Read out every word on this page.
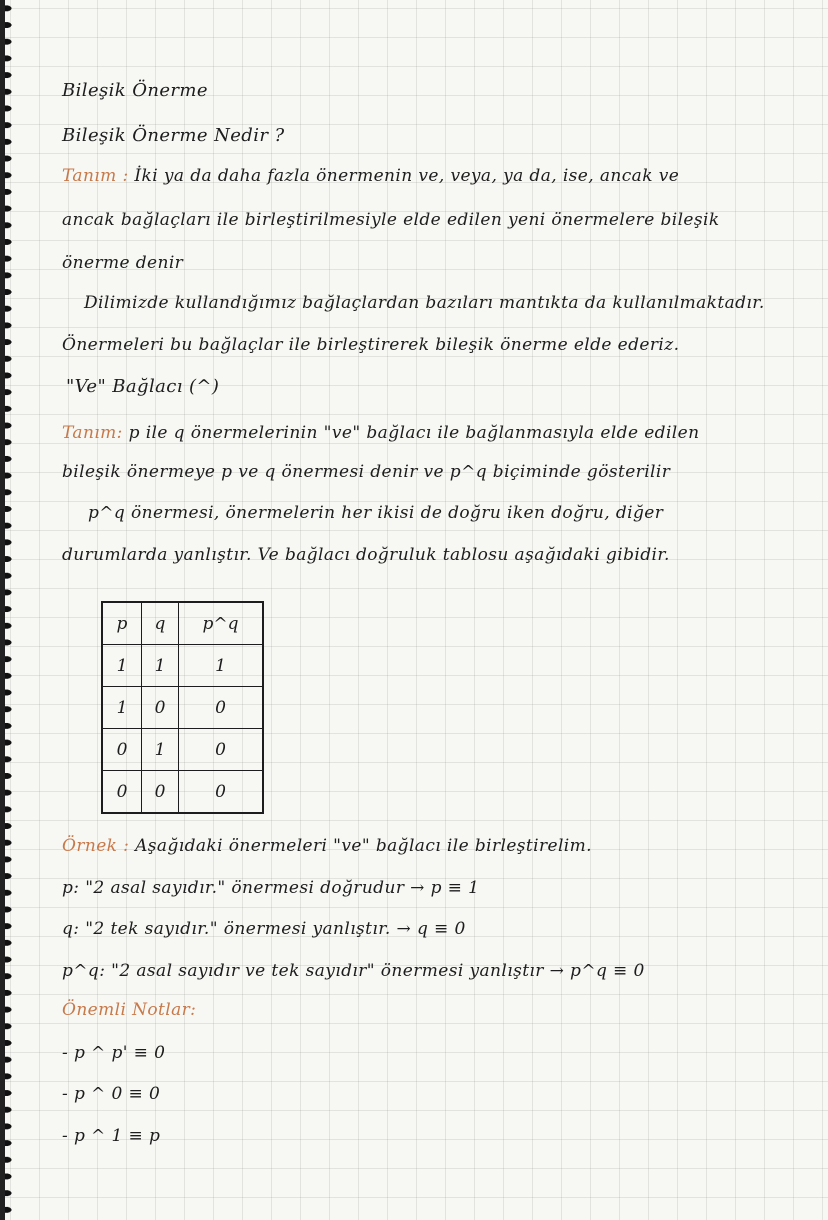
Bileşik Önerme
Bileşik Önerme Nedir ?
Tanım : İki ya da daha fazla önermenin ve, veya, ya da, ise, ancak ve
ancak bağlaçları ile birleştirilmesiyle elde edilen yeni önermelere bileşik
önerme denir
Dilimizde kullandığımız bağlaçlardan bazıları mantıkta da kullanılmaktadır.
Önermeleri bu bağlaçlar ile birleştirerek bileşik önerme elde ederiz.
"Ve" Bağlacı (^)
Tanım: p ile q önermelerinin "ve" bağlacı ile bağlanmasıyla elde edilen
bileşik önermeye p ve q önermesi denir ve p^q biçiminde gösterilir
p^q önermesi, önermelerin her ikisi de doğru iken doğru, diğer
durumlarda yanlıştır. Ve bağlacı doğruluk tablosu aşağıdaki gibidir.
p	q	p^q
1	1	1
1	0	0
0	1	0
0	0	0
Örnek : Aşağıdaki önermeleri "ve" bağlacı ile birleştirelim.
p: "2 asal sayıdır." önermesi doğrudur → p ≡ 1
q: "2 tek sayıdır." önermesi yanlıştır. → q ≡ 0
p^q: "2 asal sayıdır ve tek sayıdır" önermesi yanlıştır → p^q ≡ 0
Önemli Notlar:
- p ^ p' ≡ 0
- p ^ 0 ≡ 0
- p ^ 1 ≡ p
